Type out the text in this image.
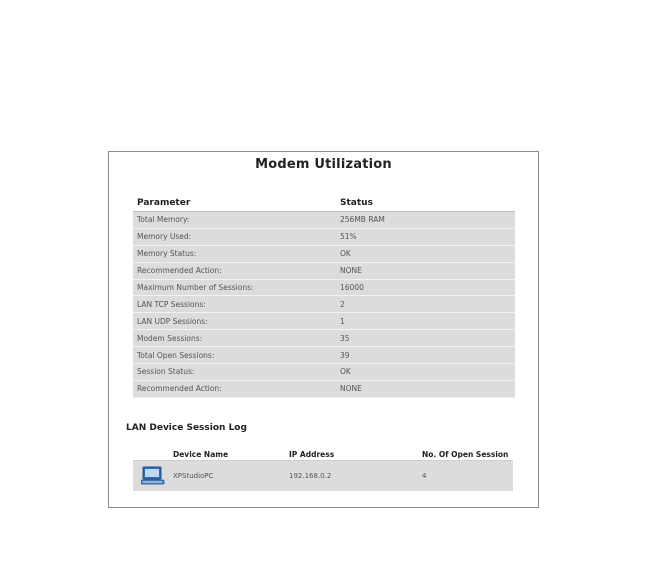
Modem Utilization
Parameter	Status
Total Memory:	256MB RAM
Memory Used:	51%
Memory Status:	OK
Recommended Action:	NONE
Maximum Number of Sessions:	16000
LAN TCP Sessions:	2
LAN UDP Sessions:	1
Modem Sessions:	35
Total Open Sessions:	39
Session Status:	OK
Recommended Action:	NONE
LAN Device Session Log
Device Name	IP Address	No. Of Open Session
XPStudioPC	192.168.0.2	4
